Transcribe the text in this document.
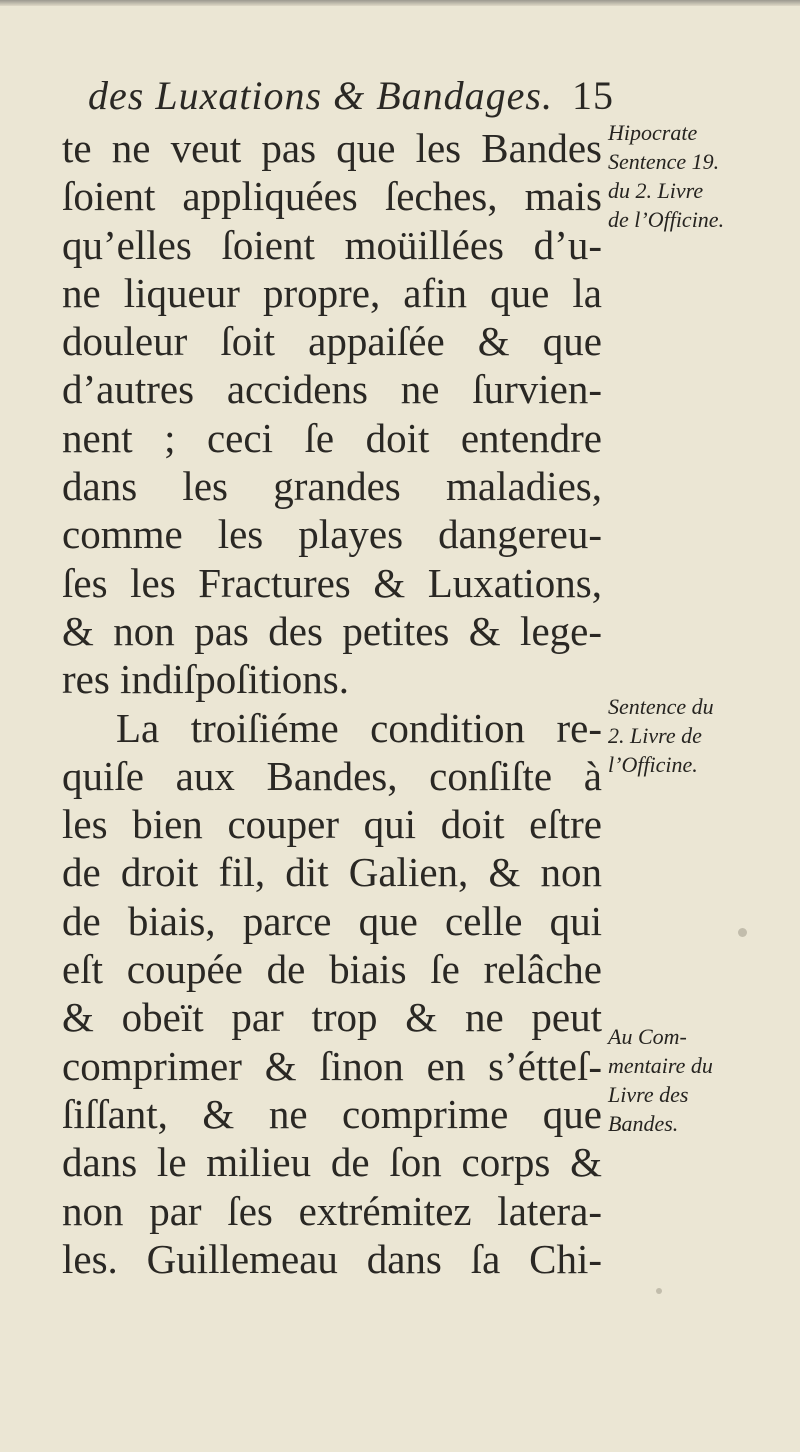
des Luxations & Bandages. 15
te ne veut pas que les Bandes
ſoient appliquées ſeches, mais
qu’elles ſoient moüillées d’u-
ne liqueur propre, afin que la
douleur ſoit appaiſée & que
d’autres accidens ne ſurvien-
nent ; ceci ſe doit entendre
dans les grandes maladies,
comme les playes dangereu-
ſes les Fractures & Luxations,
& non pas des petites & lege-
res indiſpoſitions.
La troiſiéme condition re-
quiſe aux Bandes, conſiſte à
les bien couper qui doit eſtre
de droit fil, dit Galien, & non
de biais, parce que celle qui
eſt coupée de biais ſe relâche
& obeït par trop & ne peut
comprimer & ſinon en s’étteſ-
ſiſſant, & ne comprime que
dans le milieu de ſon corps &
non par ſes extrémitez latera-
les. Guillemeau dans ſa Chi-
Hipocrate
Sentence 19.
du 2. Livre
de l’Officine.
Sentence du
2. Livre de
l’Officine.
Au Com-
mentaire du
Livre des
Bandes.
